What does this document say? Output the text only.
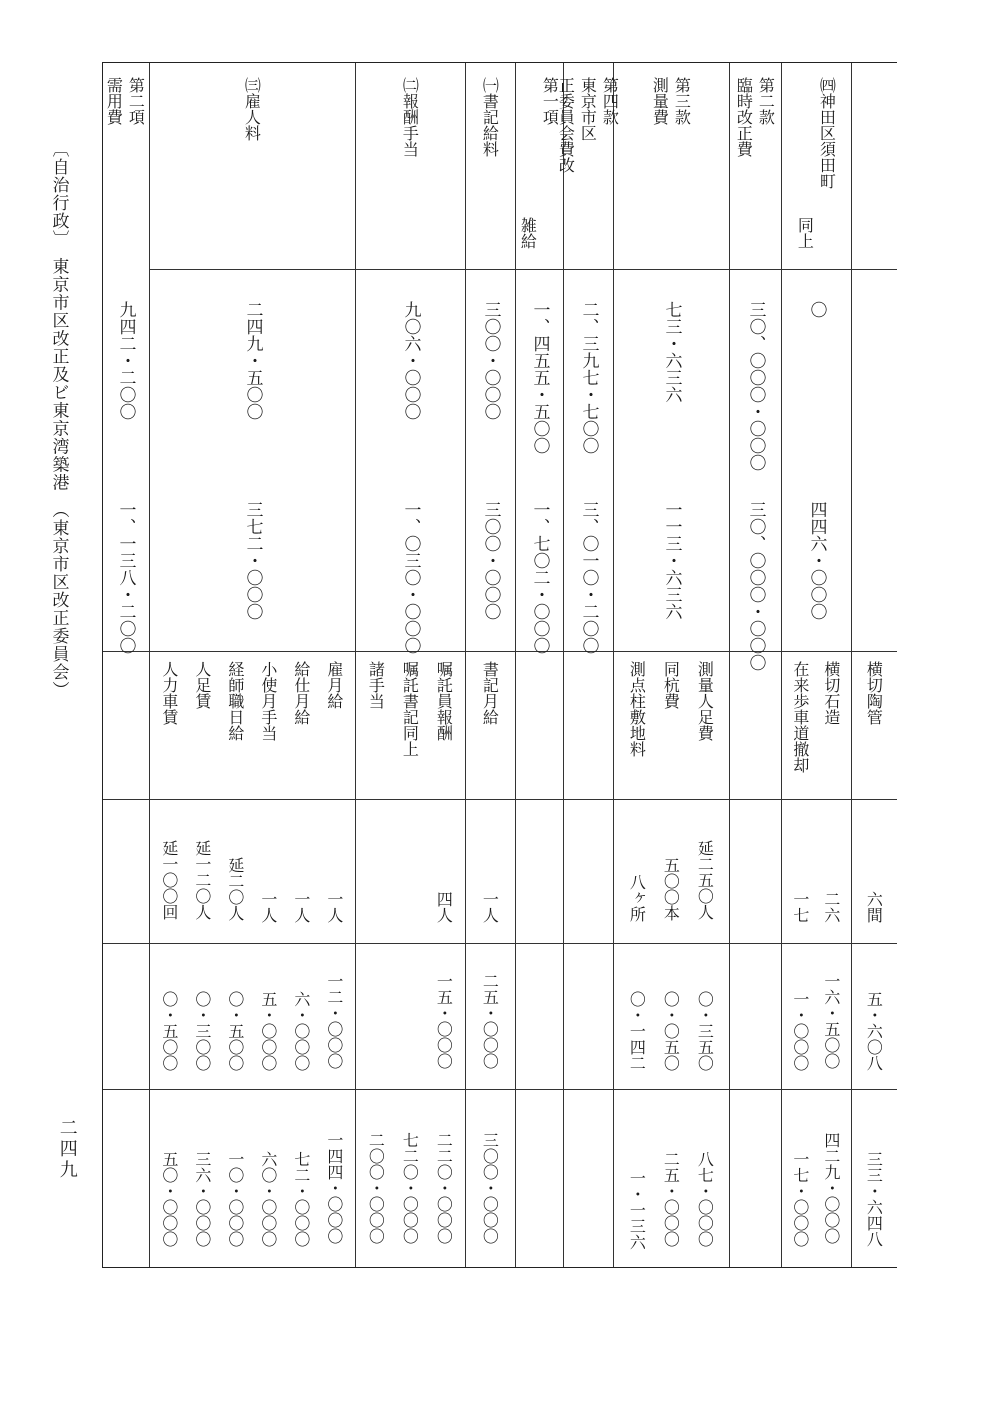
〔自治行政〕　東京市区改正及ビ東京湾築港　（東京市区改正委員会）
二四九
横切陶管
六間
五・六〇八
三三・六四八
㈣神田区須田町
同上
〇
四四六・〇〇〇
横切石造
二六
一六・五〇〇
四二九・〇〇〇
在来歩車道撤却
一七
一・〇〇〇
一七・〇〇〇
第二款
臨時改正費
三〇、〇〇〇・〇〇〇
三〇、〇〇〇・〇〇〇
第三款
測量費
七三・六三六
一一三・六三六
測量人足費
延二五〇人
〇・三五〇
八七・〇〇〇
同杭費
五〇〇本
〇・〇五〇
二五・〇〇〇
測点柱敷地料
八ヶ所
〇・一四二
一・一三六
第四款
東京市区
正委員会費改
二、三九七・七〇〇
三、〇一〇・二〇〇
第一項
雑給
一、四五五・五〇〇
一、七〇二・〇〇〇
㈠書記給料
三〇〇・〇〇〇
三〇〇・〇〇〇
書記月給
一人
二五・〇〇〇
三〇〇・〇〇〇
㈡報酬手当
九〇六・〇〇〇
一、〇三〇・〇〇〇
嘱託員報酬
四人
一五・〇〇〇
二二〇・〇〇〇
嘱託書記同上
七二〇・〇〇〇
諸手当
二〇〇・〇〇〇
㈢雇人料
二四九・五〇〇
三七二・〇〇〇
雇月給
一人
一二・〇〇〇
一四四・〇〇〇
給仕月給
一人
六・〇〇〇
七二・〇〇〇
小使月手当
一人
五・〇〇〇
六〇・〇〇〇
経師職日給
延二〇人
〇・五〇〇
一〇・〇〇〇
人足賃
延一二〇人
〇・三〇〇
三六・〇〇〇
人力車賃
延一〇〇回
〇・五〇〇
五〇・〇〇〇
第二項
需用費
九四二・二〇〇
一、一三八・二〇〇
